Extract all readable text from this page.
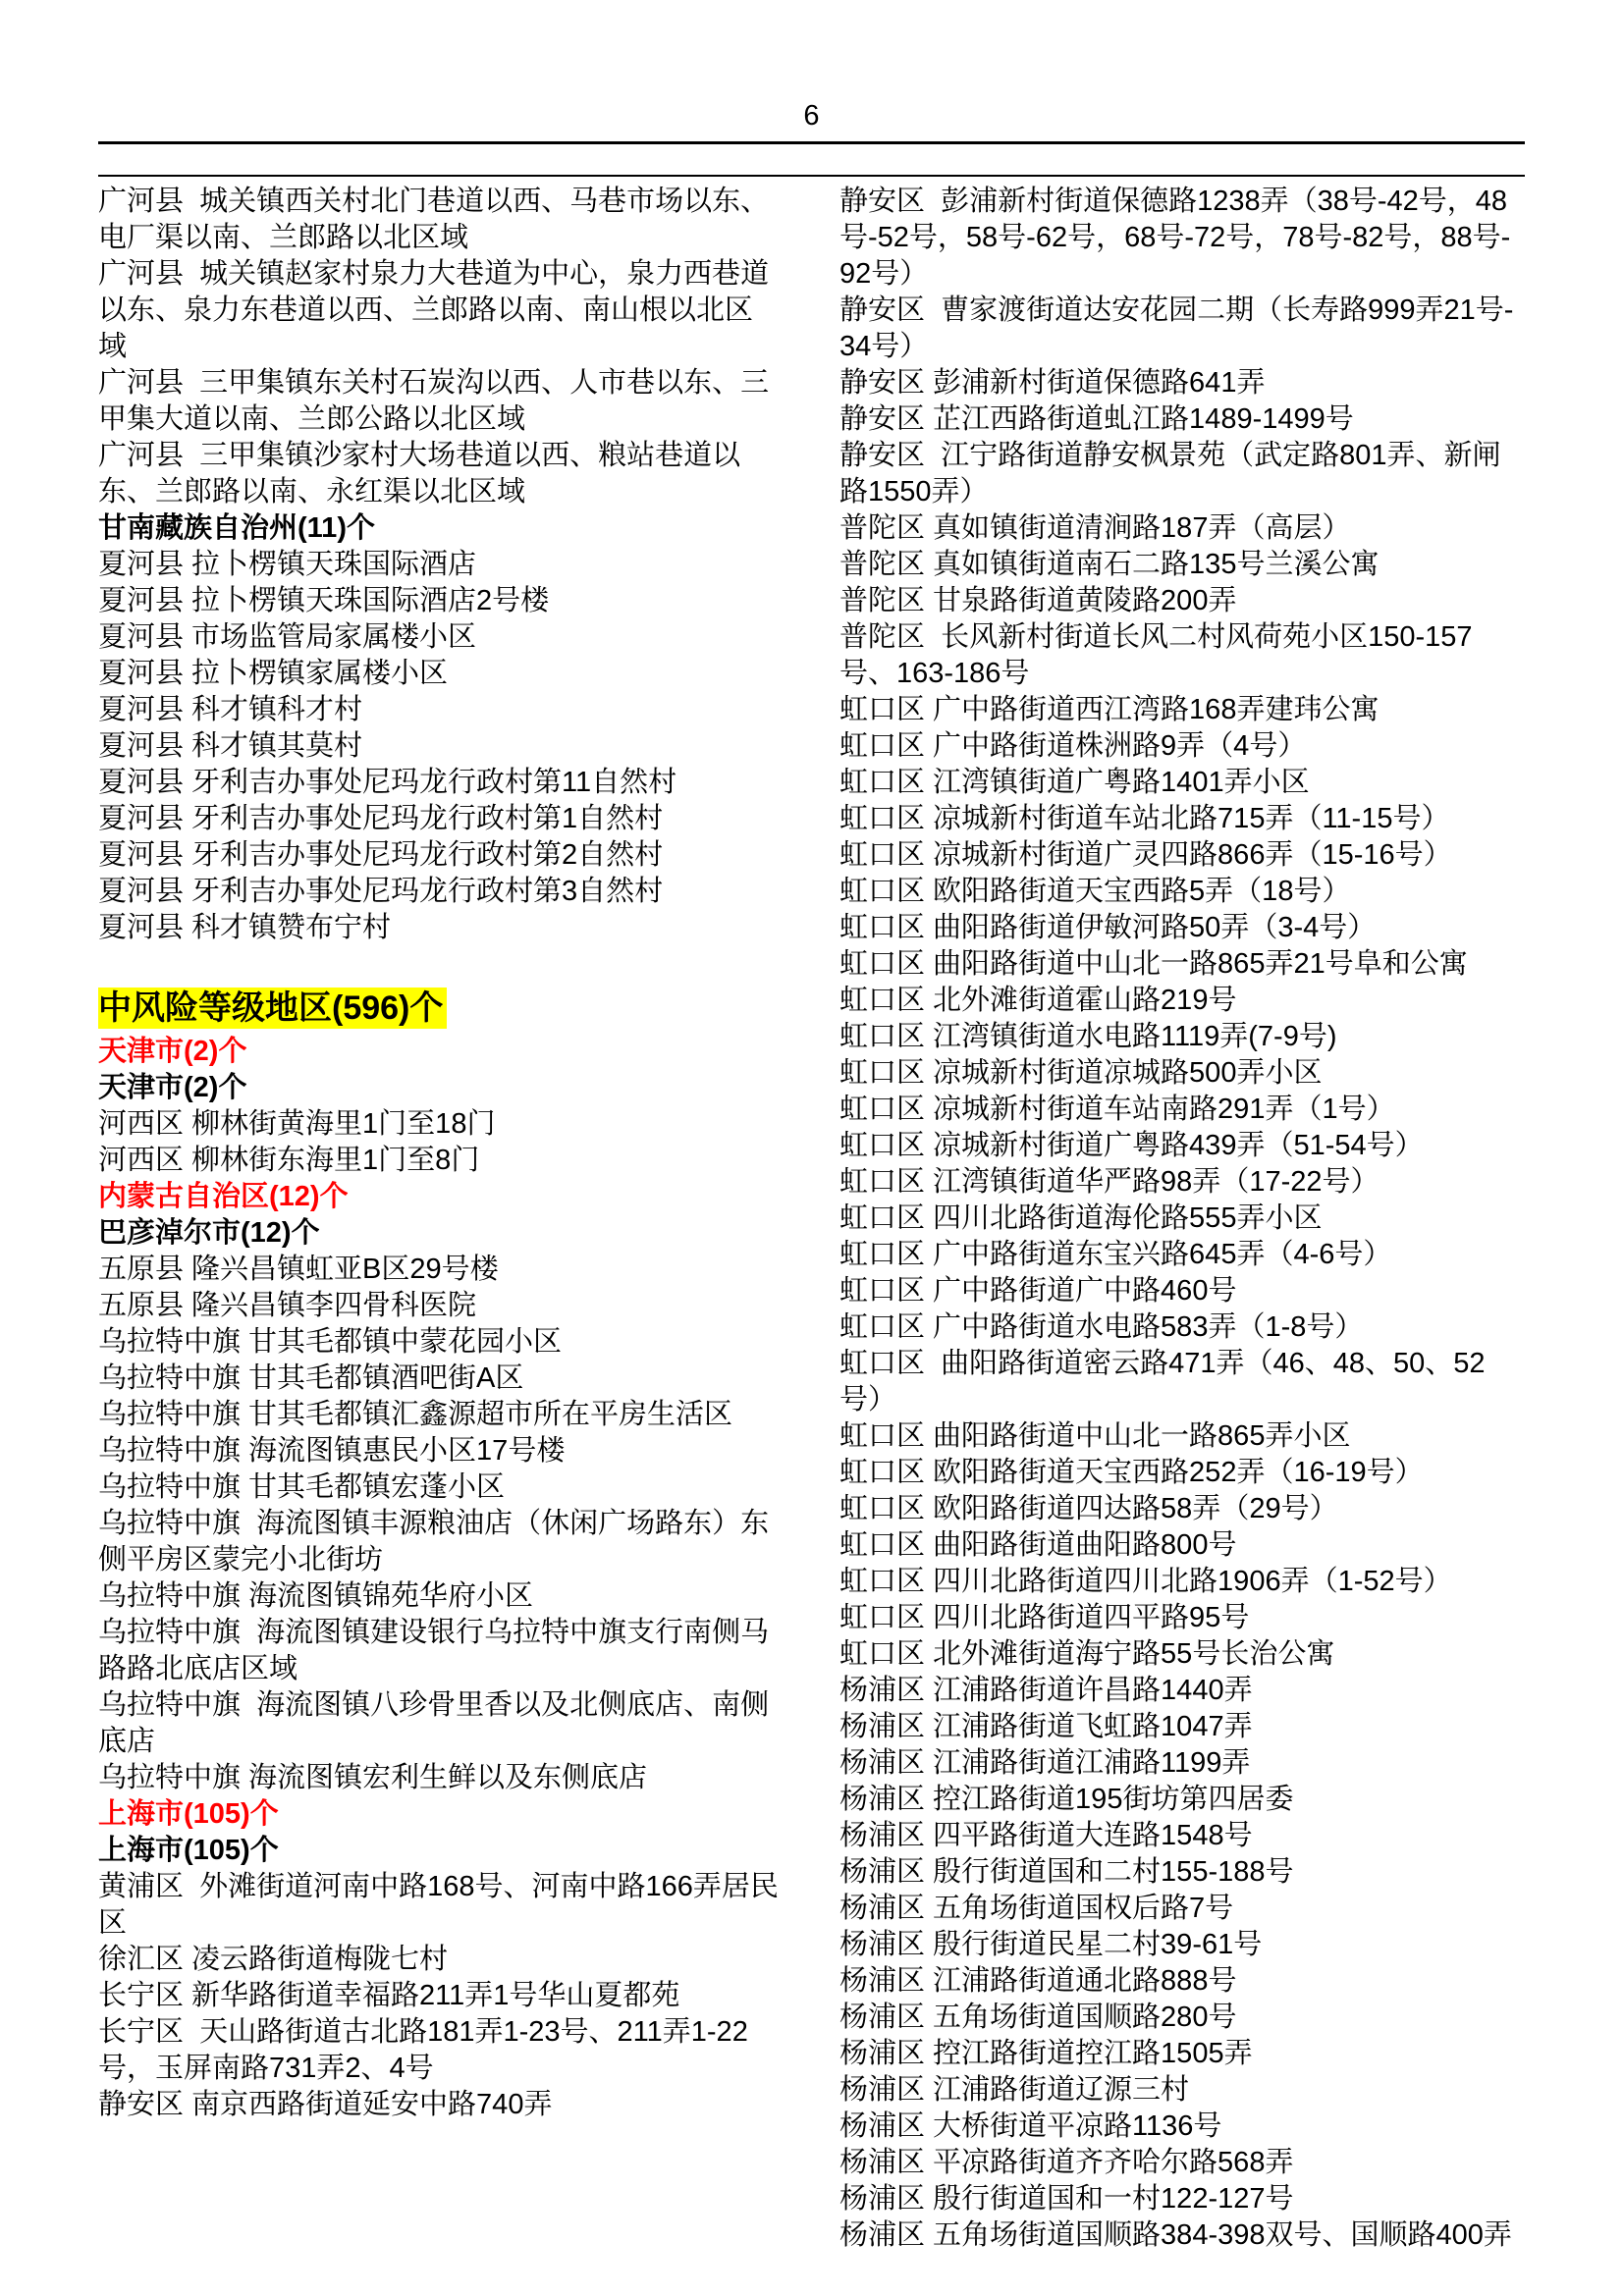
6
广河县  城关镇西关村北门巷道以西、马巷市场以东、
电厂渠以南、兰郎路以北区域
广河县  城关镇赵家村泉力大巷道为中心，泉力西巷道
以东、泉力东巷道以西、兰郎路以南、南山根以北区
域
广河县  三甲集镇东关村石炭沟以西、人市巷以东、三
甲集大道以南、兰郎公路以北区域
广河县  三甲集镇沙家村大场巷道以西、粮站巷道以
东、兰郎路以南、永红渠以北区域
甘南藏族自治州(11)个
夏河县 拉卜楞镇天珠国际酒店
夏河县 拉卜楞镇天珠国际酒店2号楼
夏河县 市场监管局家属楼小区
夏河县 拉卜楞镇家属楼小区
夏河县 科才镇科才村
夏河县 科才镇其莫村
夏河县 牙利吉办事处尼玛龙行政村第11自然村
夏河县 牙利吉办事处尼玛龙行政村第1自然村
夏河县 牙利吉办事处尼玛龙行政村第2自然村
夏河县 牙利吉办事处尼玛龙行政村第3自然村
夏河县 科才镇赞布宁村

中风险等级地区(596)个
天津市(2)个
天津市(2)个
河西区 柳林街黄海里1门至18门
河西区 柳林街东海里1门至8门
内蒙古自治区(12)个
巴彦淖尔市(12)个
五原县 隆兴昌镇虹亚B区29号楼
五原县 隆兴昌镇李四骨科医院
乌拉特中旗 甘其毛都镇中蒙花园小区
乌拉特中旗 甘其毛都镇酒吧街A区
乌拉特中旗 甘其毛都镇汇鑫源超市所在平房生活区
乌拉特中旗 海流图镇惠民小区17号楼
乌拉特中旗 甘其毛都镇宏蓬小区
乌拉特中旗  海流图镇丰源粮油店（休闲广场路东）东
侧平房区蒙完小北街坊
乌拉特中旗 海流图镇锦苑华府小区
乌拉特中旗  海流图镇建设银行乌拉特中旗支行南侧马
路路北底店区域
乌拉特中旗  海流图镇八珍骨里香以及北侧底店、南侧
底店
乌拉特中旗 海流图镇宏利生鲜以及东侧底店
上海市(105)个
上海市(105)个
黄浦区  外滩街道河南中路168号、河南中路166弄居民
区
徐汇区 凌云路街道梅陇七村
长宁区 新华路街道幸福路211弄1号华山夏都苑
长宁区  天山路街道古北路181弄1-23号、211弄1-22
号，玉屏南路731弄2、4号
静安区 南京西路街道延安中路740弄
静安区  彭浦新村街道保德路1238弄（38号-42号，48
号-52号，58号-62号，68号-72号，78号-82号，88号-
92号）
静安区  曹家渡街道达安花园二期（长寿路999弄21号-
34号）
静安区 彭浦新村街道保德路641弄
静安区 芷江西路街道虬江路1489-1499号
静安区  江宁路街道静安枫景苑（武定路801弄、新闸
路1550弄）
普陀区 真如镇街道清涧路187弄（高层）
普陀区 真如镇街道南石二路135号兰溪公寓
普陀区 甘泉路街道黄陵路200弄
普陀区  长风新村街道长风二村风荷苑小区150-157
号、163-186号
虹口区 广中路街道西江湾路168弄建玮公寓
虹口区 广中路街道株洲路9弄（4号）
虹口区 江湾镇街道广粤路1401弄小区
虹口区 凉城新村街道车站北路715弄（11-15号）
虹口区 凉城新村街道广灵四路866弄（15-16号）
虹口区 欧阳路街道天宝西路5弄（18号）
虹口区 曲阳路街道伊敏河路50弄（3-4号）
虹口区 曲阳路街道中山北一路865弄21号阜和公寓
虹口区 北外滩街道霍山路219号
虹口区 江湾镇街道水电路1119弄(7-9号)
虹口区 凉城新村街道凉城路500弄小区
虹口区 凉城新村街道车站南路291弄（1号）
虹口区 凉城新村街道广粤路439弄（51-54号）
虹口区 江湾镇街道华严路98弄（17-22号）
虹口区 四川北路街道海伦路555弄小区
虹口区 广中路街道东宝兴路645弄（4-6号）
虹口区 广中路街道广中路460号
虹口区 广中路街道水电路583弄（1-8号）
虹口区  曲阳路街道密云路471弄（46、48、50、52
号）
虹口区 曲阳路街道中山北一路865弄小区
虹口区 欧阳路街道天宝西路252弄（16-19号）
虹口区 欧阳路街道四达路58弄（29号）
虹口区 曲阳路街道曲阳路800号
虹口区 四川北路街道四川北路1906弄（1-52号）
虹口区 四川北路街道四平路95号
虹口区 北外滩街道海宁路55号长治公寓
杨浦区 江浦路街道许昌路1440弄
杨浦区 江浦路街道飞虹路1047弄
杨浦区 江浦路街道江浦路1199弄
杨浦区 控江路街道195街坊第四居委
杨浦区 四平路街道大连路1548号
杨浦区 殷行街道国和二村155-188号
杨浦区 五角场街道国权后路7号
杨浦区 殷行街道民星二村39-61号
杨浦区 江浦路街道通北路888号
杨浦区 五角场街道国顺路280号
杨浦区 控江路街道控江路1505弄
杨浦区 江浦路街道辽源三村
杨浦区 大桥街道平凉路1136号
杨浦区 平凉路街道齐齐哈尔路568弄
杨浦区 殷行街道国和一村122-127号
杨浦区 五角场街道国顺路384-398双号、国顺路400弄
